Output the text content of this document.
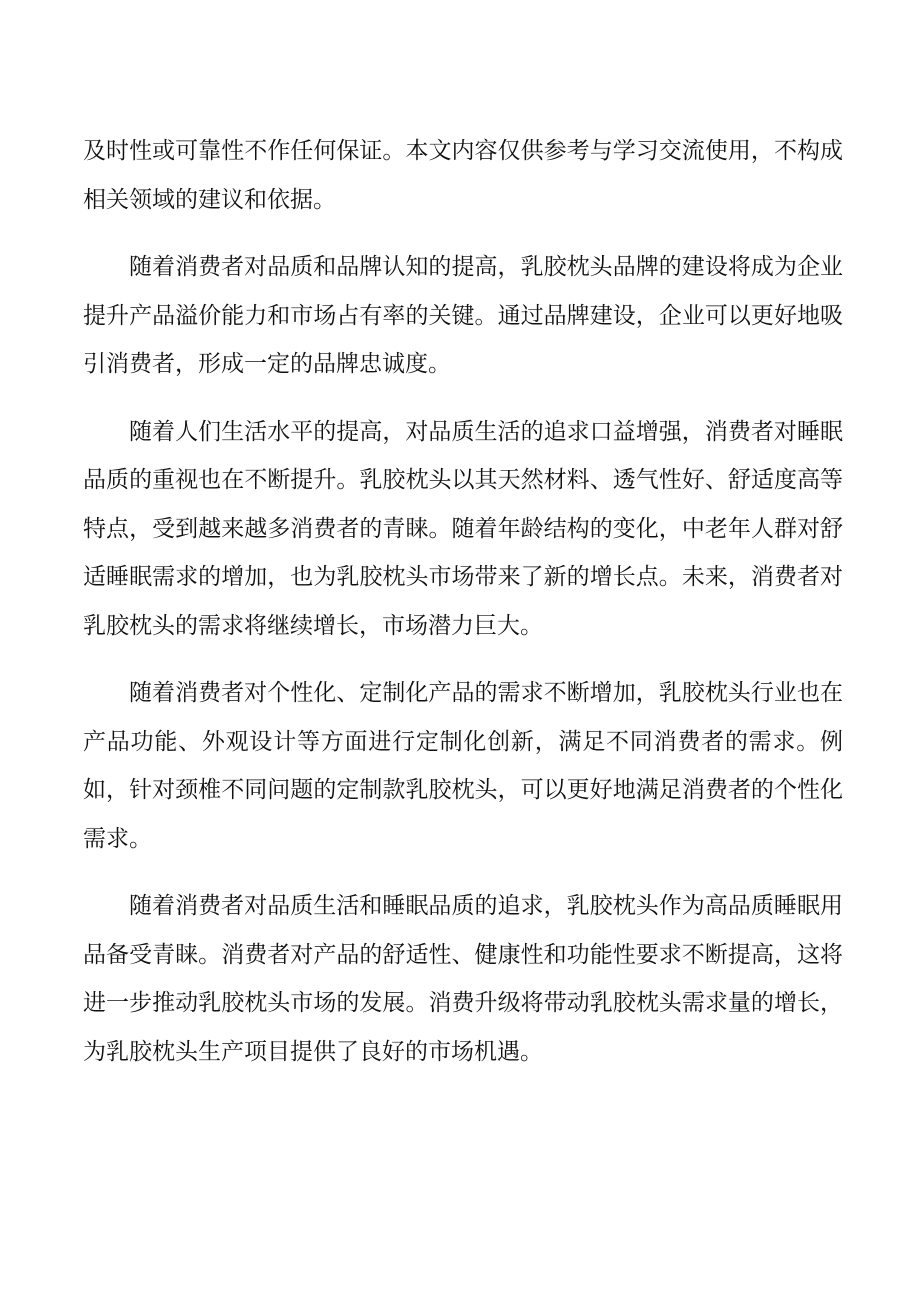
及时性或可靠性不作任何保证。本文内容仅供参考与学习交流使用，不构成相关领域的建议和依据。

随着消费者对品质和品牌认知的提高，乳胶枕头品牌的建设将成为企业提升产品溢价能力和市场占有率的关键。通过品牌建设，企业可以更好地吸引消费者，形成一定的品牌忠诚度。

随着人们生活水平的提高，对品质生活的追求口益增强，消费者对睡眠品质的重视也在不断提升。乳胶枕头以其天然材料、透气性好、舒适度高等特点，受到越来越多消费者的青睐。随着年龄结构的变化，中老年人群对舒适睡眠需求的增加，也为乳胶枕头市场带来了新的增长点。未来，消费者对乳胶枕头的需求将继续增长，市场潜力巨大。

随着消费者对个性化、定制化产品的需求不断增加，乳胶枕头行业也在产品功能、外观设计等方面进行定制化创新，满足不同消费者的需求。例如，针对颈椎不同问题的定制款乳胶枕头，可以更好地满足消费者的个性化需求。

随着消费者对品质生活和睡眠品质的追求，乳胶枕头作为高品质睡眠用品备受青睐。消费者对产品的舒适性、健康性和功能性要求不断提高，这将进一步推动乳胶枕头市场的发展。消费升级将带动乳胶枕头需求量的增长，为乳胶枕头生产项目提供了良好的市场机遇。
